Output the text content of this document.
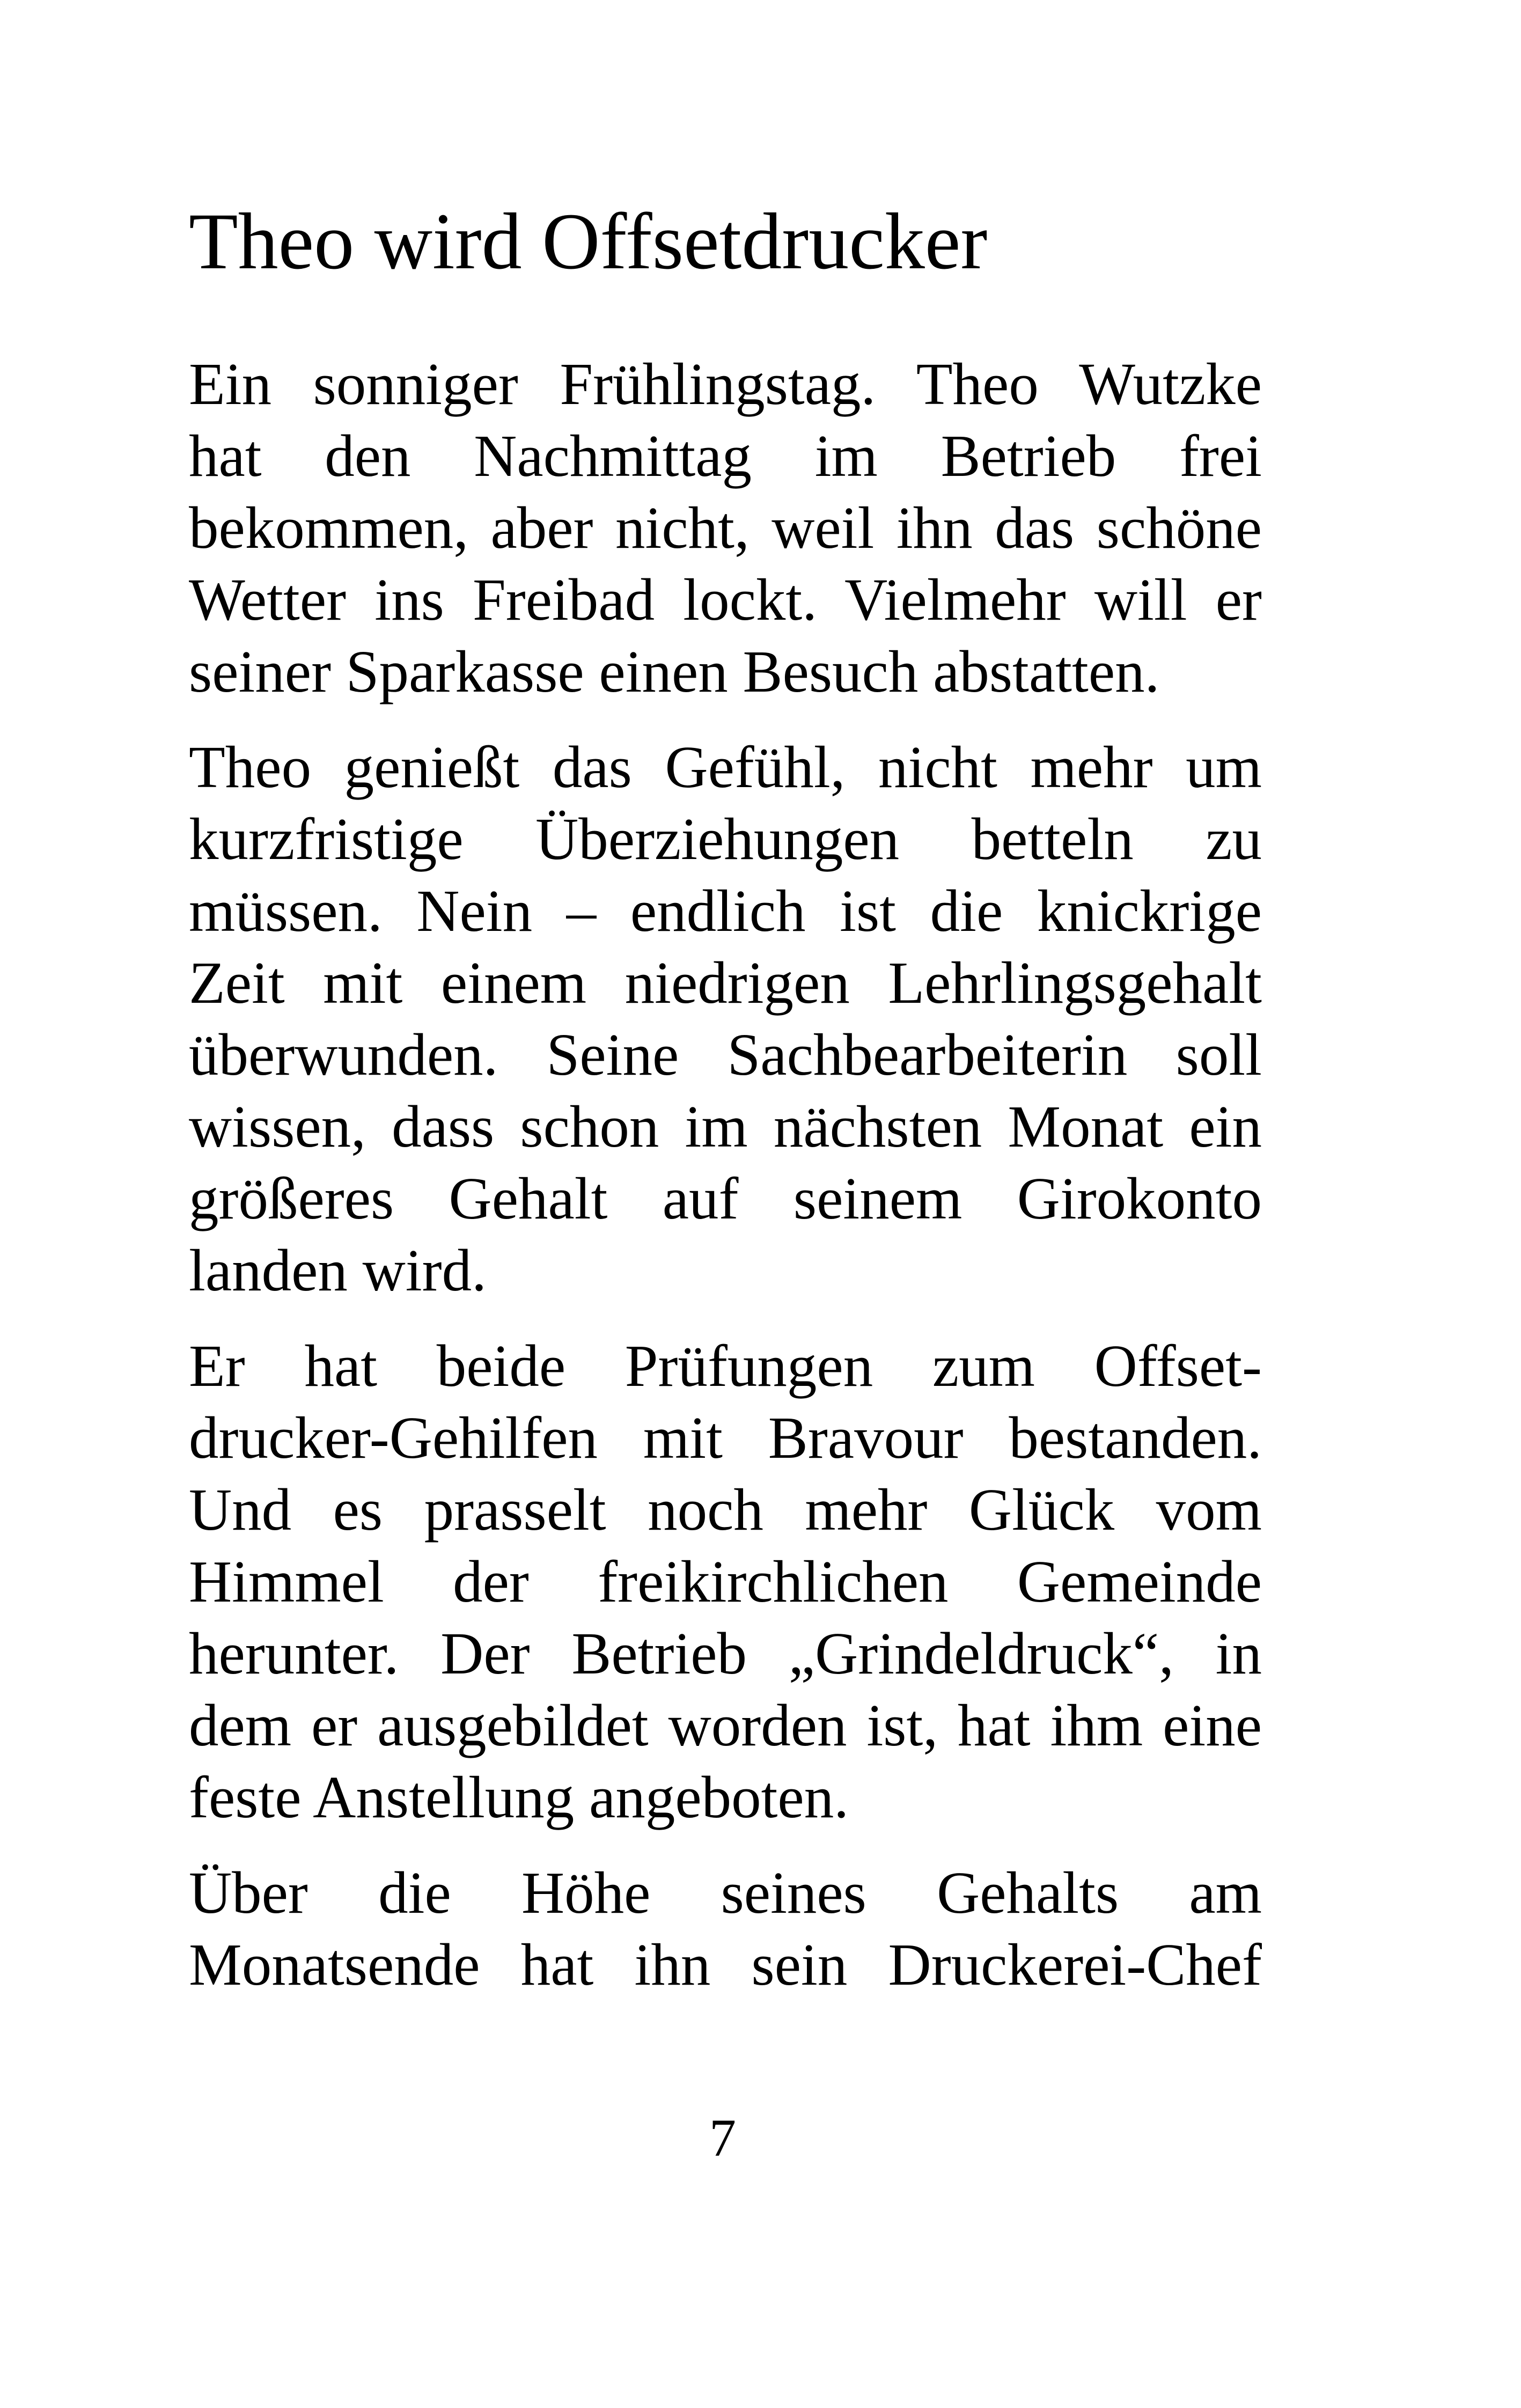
Theo wird Offsetdrucker

Ein sonniger Frühlingstag. Theo Wutzke
hat den Nachmittag im Betrieb frei
bekommen, aber nicht, weil ihn das schöne
Wetter ins Freibad lockt. Vielmehr will er
seiner Sparkasse einen Besuch abstatten.

Theo genießt das Gefühl, nicht mehr um
kurzfristige Überziehungen betteln zu
müssen. Nein – endlich ist die knickrige
Zeit mit einem niedrigen Lehrlingsgehalt
überwunden. Seine Sachbearbeiterin soll
wissen, dass schon im nächsten Monat ein
größeres Gehalt auf seinem Girokonto
landen wird.

Er hat beide Prüfungen zum Offset-
drucker-Gehilfen mit Bravour bestanden.
Und es prasselt noch mehr Glück vom
Himmel der freikirchlichen Gemeinde
herunter. Der Betrieb „Grindeldruck“, in
dem er ausgebildet worden ist, hat ihm eine
feste Anstellung angeboten.

Über die Höhe seines Gehalts am
Monatsende hat ihn sein Druckerei-Chef

7
